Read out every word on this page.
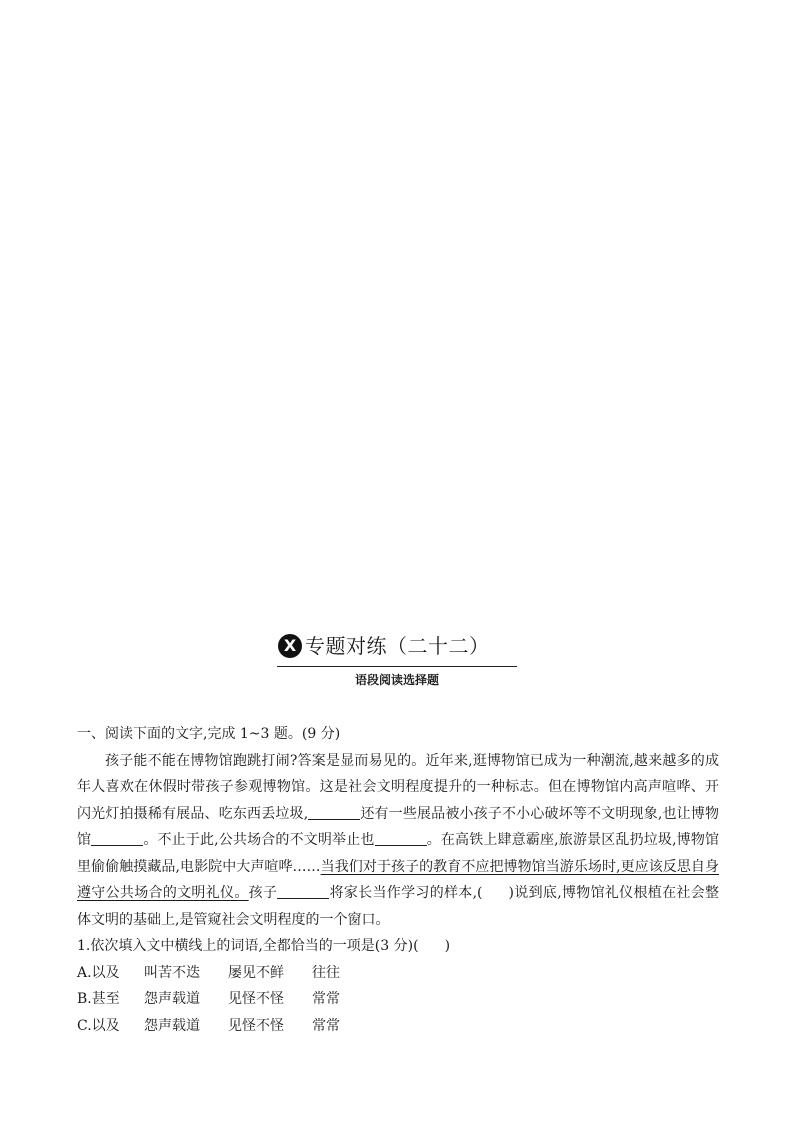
X 专题对练（二十二）
语段阅读选择题

一、阅读下面的文字,完成 1~3 题。(9 分)

孩子能不能在博物馆跑跳打闹?答案是显而易见的。近年来,逛博物馆已成为一种潮流,越来越多的成年人喜欢在休假时带孩子参观博物馆。这是社会文明程度提升的一种标志。但在博物馆内高声喧哗、开闪光灯拍摄稀有展品、吃东西丢垃圾,	还有一些展品被小孩子不小心破坏等不文明现象,也让博物馆	。不止于此,公共场合的不文明举止也	。在高铁上肆意霸座,旅游景区乱扔垃圾,博物馆里偷偷触摸藏品,电影院中大声喧哗……当我们对于孩子的教育不应把博物馆当游乐场时,更应该反思自身遵守公共场合的文明礼仪。孩子	将家长当作学习的样本,( )说到底,博物馆礼仪根植在社会整体文明的基础上,是管窥社会文明程度的一个窗口。

1.依次填入文中横线上的词语,全都恰当的一项是(3 分)( )

A.以及	叫苦不迭	屡见不鲜	往往
B.甚至	怨声载道	见怪不怪	常常
C.以及	怨声载道	见怪不怪	常常
